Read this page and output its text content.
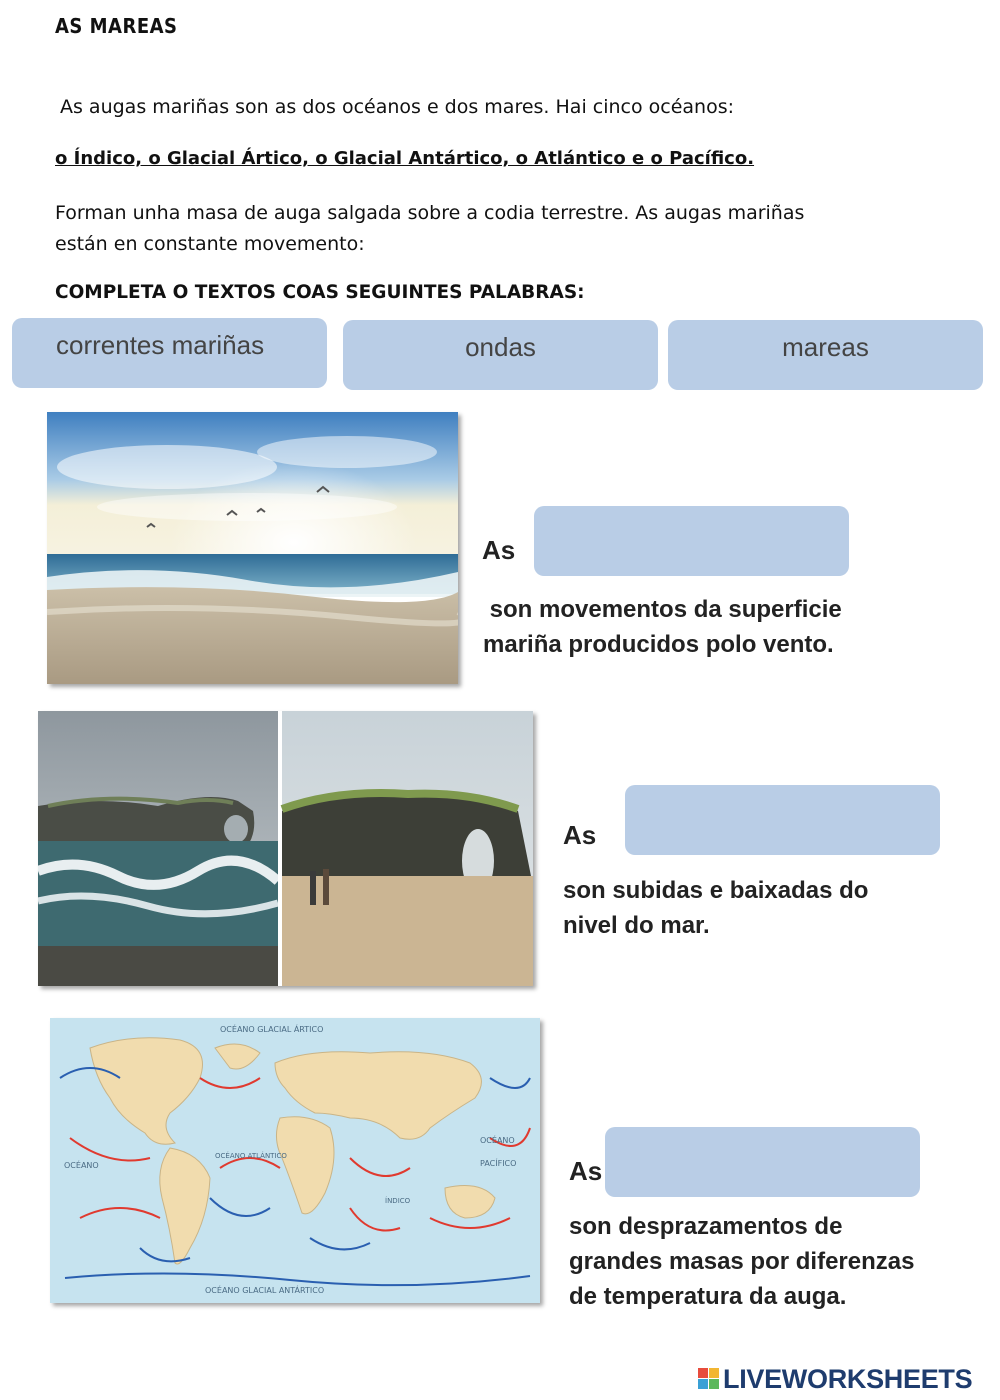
AS MAREAS
As augas mariñas son as dos océanos e dos mares. Hai cinco océanos:
o Índico, o Glacial Ártico, o Glacial Antártico, o Atlántico e o Pacífico.
Forman unha masa de auga salgada sobre a codia terrestre. As augas mariñas
están en constante movemento:
COMPLETA O TEXTOS COAS SEGUINTES PALABRAS:
correntes mariñas	ondas	mareas
As
son movementos da superficie
mariña producidos polo vento.
As
son subidas e baixadas do
nivel do mar.
OCÉANO GLACIAL ÁRTICO
OCÉANO GLACIAL ANTÁRTICO
OCÉANO
PACÍFICO
OCÉANO
OCÉANO ATLÁNTICO
ÍNDICO
As
son desprazamentos de
grandes masas por diferenzas
de temperatura da auga.
LIVEWORKSHEETS
